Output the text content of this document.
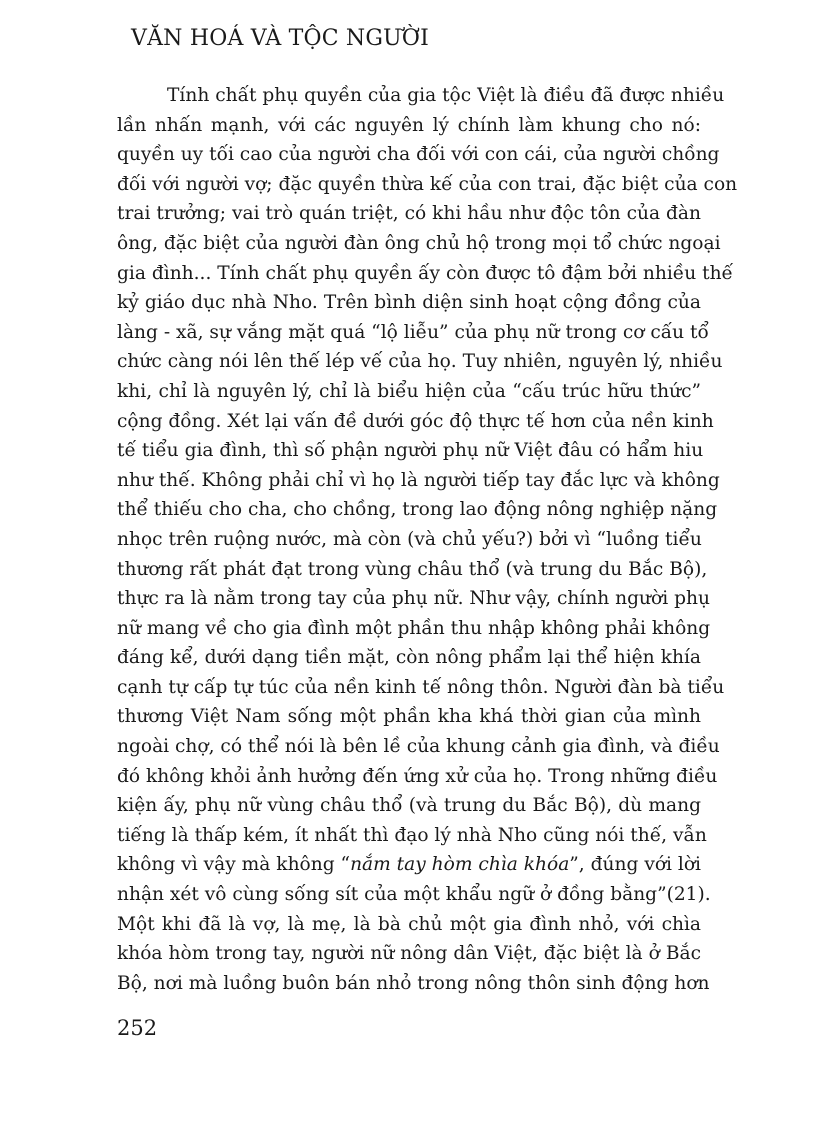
VĂN HOÁ VÀ TỘC NGƯỜI
Tính chất phụ quyền của gia tộc Việt là điều đã được nhiều
lần nhấn mạnh, với các nguyên lý chính làm khung cho nó:
quyền uy tối cao của người cha đối với con cái, của người chồng
đối với người vợ; đặc quyền thừa kế của con trai, đặc biệt của con
trai trưởng; vai trò quán triệt, có khi hầu như độc tôn của đàn
ông, đặc biệt của người đàn ông chủ hộ trong mọi tổ chức ngoại
gia đình... Tính chất phụ quyền ấy còn được tô đậm bởi nhiều thế
kỷ giáo dục nhà Nho. Trên bình diện sinh hoạt cộng đồng của
làng - xã, sự vắng mặt quá “lộ liễu” của phụ nữ trong cơ cấu tổ
chức càng nói lên thế lép vế của họ. Tuy nhiên, nguyên lý, nhiều
khi, chỉ là nguyên lý, chỉ là biểu hiện của “cấu trúc hữu thức”
cộng đồng. Xét lại vấn đề dưới góc độ thực tế hơn của nền kinh
tế tiểu gia đình, thì số phận người phụ nữ Việt đâu có hẩm hiu
như thế. Không phải chỉ vì họ là người tiếp tay đắc lực và không
thể thiếu cho cha, cho chồng, trong lao động nông nghiệp nặng
nhọc trên ruộng nước, mà còn (và chủ yếu?) bởi vì “luồng tiểu
thương rất phát đạt trong vùng châu thổ (và trung du Bắc Bộ),
thực ra là nằm trong tay của phụ nữ. Như vậy, chính người phụ
nữ mang về cho gia đình một phần thu nhập không phải không
đáng kể, dưới dạng tiền mặt, còn nông phẩm lại thể hiện khía
cạnh tự cấp tự túc của nền kinh tế nông thôn. Người đàn bà tiểu
thương Việt Nam sống một phần kha khá thời gian của mình
ngoài chợ, có thể nói là bên lề của khung cảnh gia đình, và điều
đó không khỏi ảnh hưởng đến ứng xử của họ. Trong những điều
kiện ấy, phụ nữ vùng châu thổ (và trung du Bắc Bộ), dù mang
tiếng là thấp kém, ít nhất thì đạo lý nhà Nho cũng nói thế, vẫn
không vì vậy mà không “nắm tay hòm chìa khóa”, đúng với lời
nhận xét vô cùng sống sít của một khẩu ngữ ở đồng bằng”(21).
Một khi đã là vợ, là mẹ, là bà chủ một gia đình nhỏ, với chìa
khóa hòm trong tay, người nữ nông dân Việt, đặc biệt là ở Bắc
Bộ, nơi mà luồng buôn bán nhỏ trong nông thôn sinh động hơn
252
